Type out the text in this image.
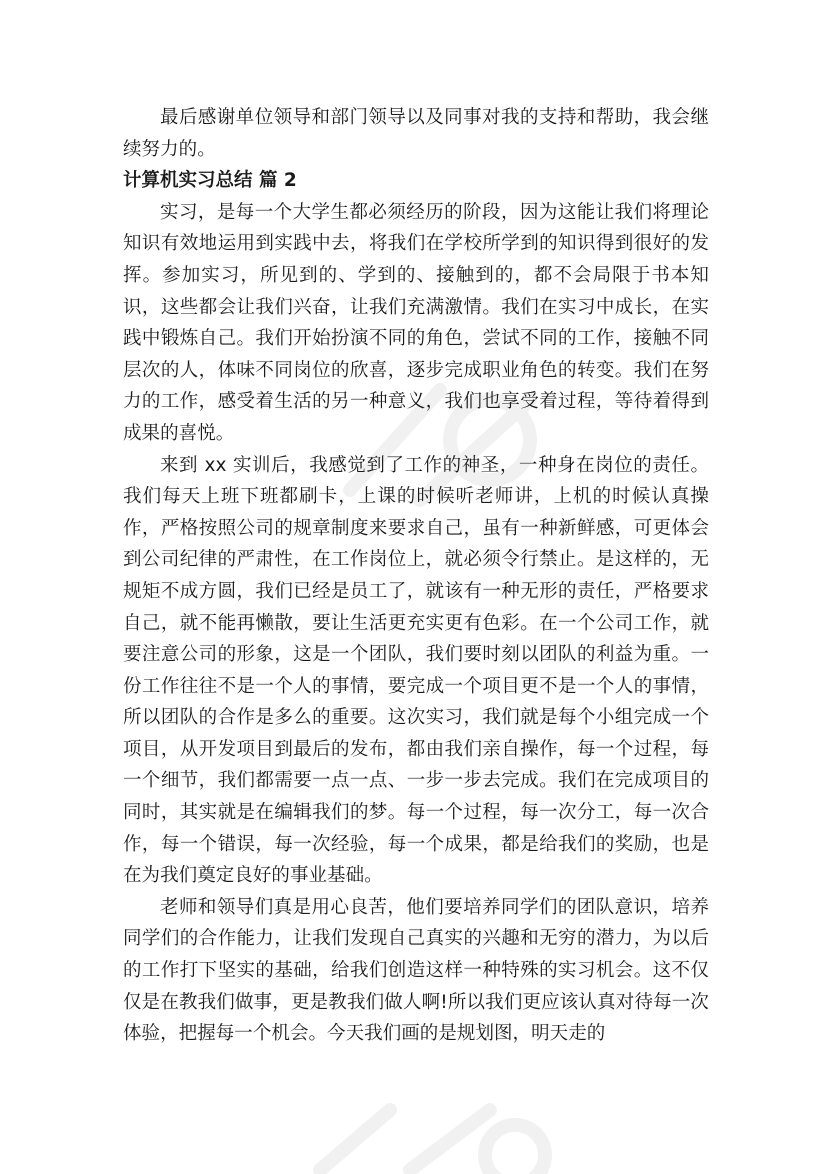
最后感谢单位领导和部门领导以及同事对我的支持和帮助，我会继续努力的。

计算机实习总结 篇 2

实习，是每一个大学生都必须经历的阶段，因为这能让我们将理论知识有效地运用到实践中去，将我们在学校所学到的知识得到很好的发挥。参加实习，所见到的、学到的、接触到的，都不会局限于书本知识，这些都会让我们兴奋，让我们充满激情。我们在实习中成长，在实践中锻炼自己。我们开始扮演不同的角色，尝试不同的工作，接触不同层次的人，体味不同岗位的欣喜，逐步完成职业角色的转变。我们在努力的工作，感受着生活的另一种意义，我们也享受着过程，等待着得到成果的喜悦。

来到 xx 实训后，我感觉到了工作的神圣，一种身在岗位的责任。我们每天上班下班都刷卡，上课的时候听老师讲，上机的时候认真操作，严格按照公司的规章制度来要求自己，虽有一种新鲜感，可更体会到公司纪律的严肃性，在工作岗位上，就必须令行禁止。是这样的，无规矩不成方圆，我们已经是员工了，就该有一种无形的责任，严格要求自己，就不能再懒散，要让生活更充实更有色彩。在一个公司工作，就要注意公司的形象，这是一个团队，我们要时刻以团队的利益为重。一份工作往往不是一个人的事情，要完成一个项目更不是一个人的事情，所以团队的合作是多么的重要。这次实习，我们就是每个小组完成一个项目，从开发项目到最后的发布，都由我们亲自操作，每一个过程，每一个细节，我们都需要一点一点、一步一步去完成。我们在完成项目的同时，其实就是在编辑我们的梦。每一个过程，每一次分工，每一次合作，每一个错误，每一次经验，每一个成果，都是给我们的奖励，也是在为我们奠定良好的事业基础。

老师和领导们真是用心良苦，他们要培养同学们的团队意识，培养同学们的合作能力，让我们发现自己真实的兴趣和无穷的潜力，为以后的工作打下坚实的基础，给我们创造这样一种特殊的实习机会。这不仅仅是在教我们做事，更是教我们做人啊!所以我们更应该认真对待每一次体验，把握每一个机会。今天我们画的是规划图，明天走的
